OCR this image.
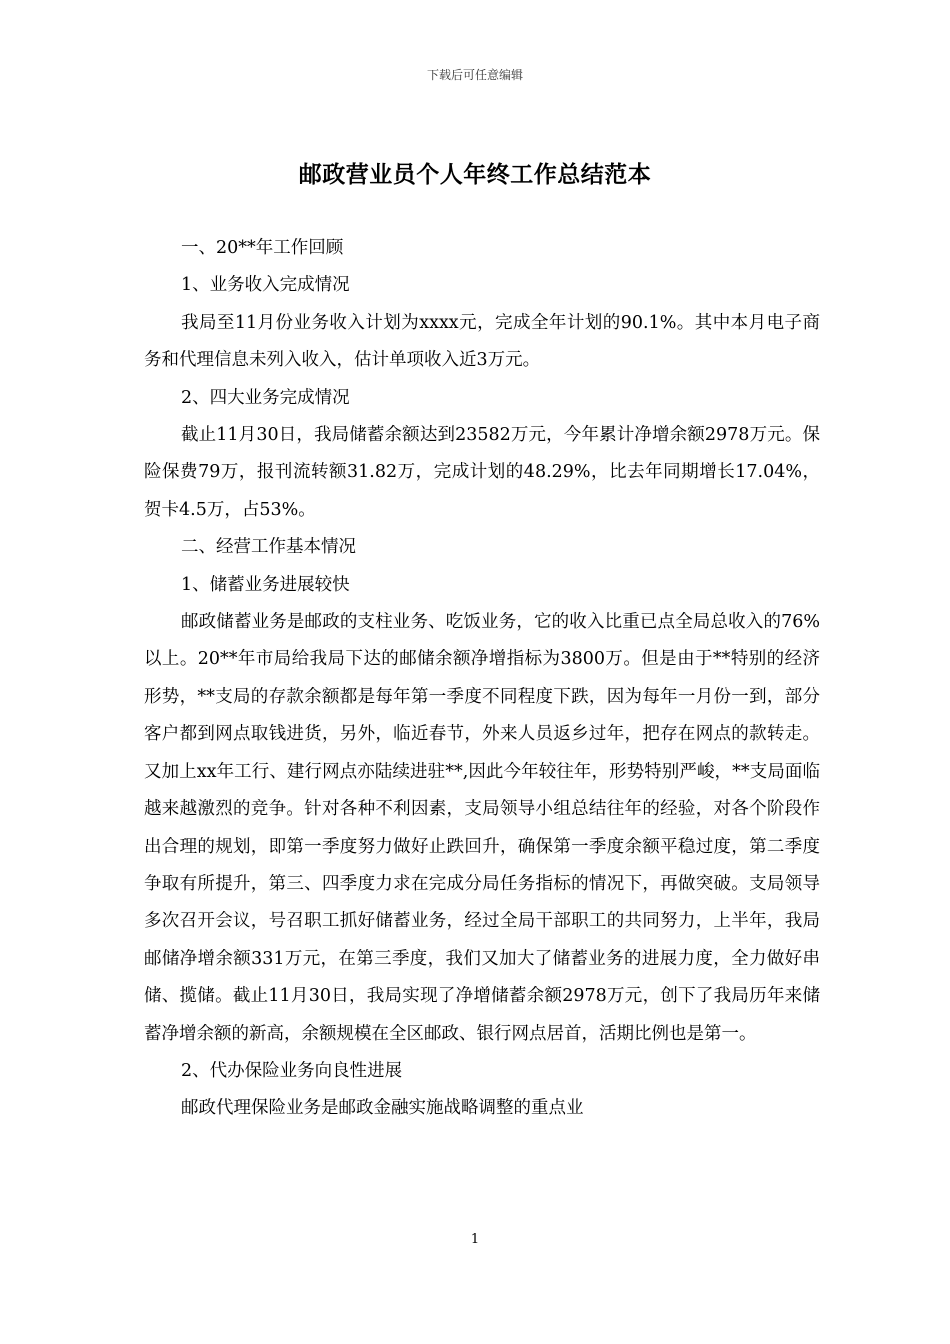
下载后可任意编辑
邮政营业员个人年终工作总结范本

一、20**年工作回顾

1、业务收入完成情况

我局至11月份业务收入计划为xxxx元，完成全年计划的90.1%。其中本月电子商务和代理信息未列入收入，估计单项收入近3万元。

2、四大业务完成情况

截止11月30日，我局储蓄余额达到23582万元，今年累计净增余额2978万元。保险保费79万，报刊流转额31.82万，完成计划的48.29%，比去年同期增长17.04%，贺卡4.5万，占53%。

二、经营工作基本情况

1、储蓄业务进展较快

邮政储蓄业务是邮政的支柱业务、吃饭业务，它的收入比重已点全局总收入的76%以上。20**年市局给我局下达的邮储余额净增指标为3800万。但是由于**特别的经济形势，**支局的存款余额都是每年第一季度不同程度下跌，因为每年一月份一到，部分客户都到网点取钱进货，另外，临近春节，外来人员返乡过年，把存在网点的款转走。又加上xx年工行、建行网点亦陆续进驻**,因此今年较往年，形势特别严峻，**支局面临越来越激烈的竞争。针对各种不利因素，支局领导小组总结往年的经验，对各个阶段作出合理的规划，即第一季度努力做好止跌回升，确保第一季度余额平稳过度，第二季度争取有所提升，第三、四季度力求在完成分局任务指标的情况下，再做突破。支局领导多次召开会议，号召职工抓好储蓄业务，经过全局干部职工的共同努力，上半年，我局邮储净增余额331万元，在第三季度，我们又加大了储蓄业务的进展力度，全力做好串储、揽储。截止11月30日，我局实现了净增储蓄余额2978万元，创下了我局历年来储蓄净增余额的新高，余额规模在全区邮政、银行网点居首，活期比例也是第一。

2、代办保险业务向良性进展

邮政代理保险业务是邮政金融实施战略调整的重点业

1
